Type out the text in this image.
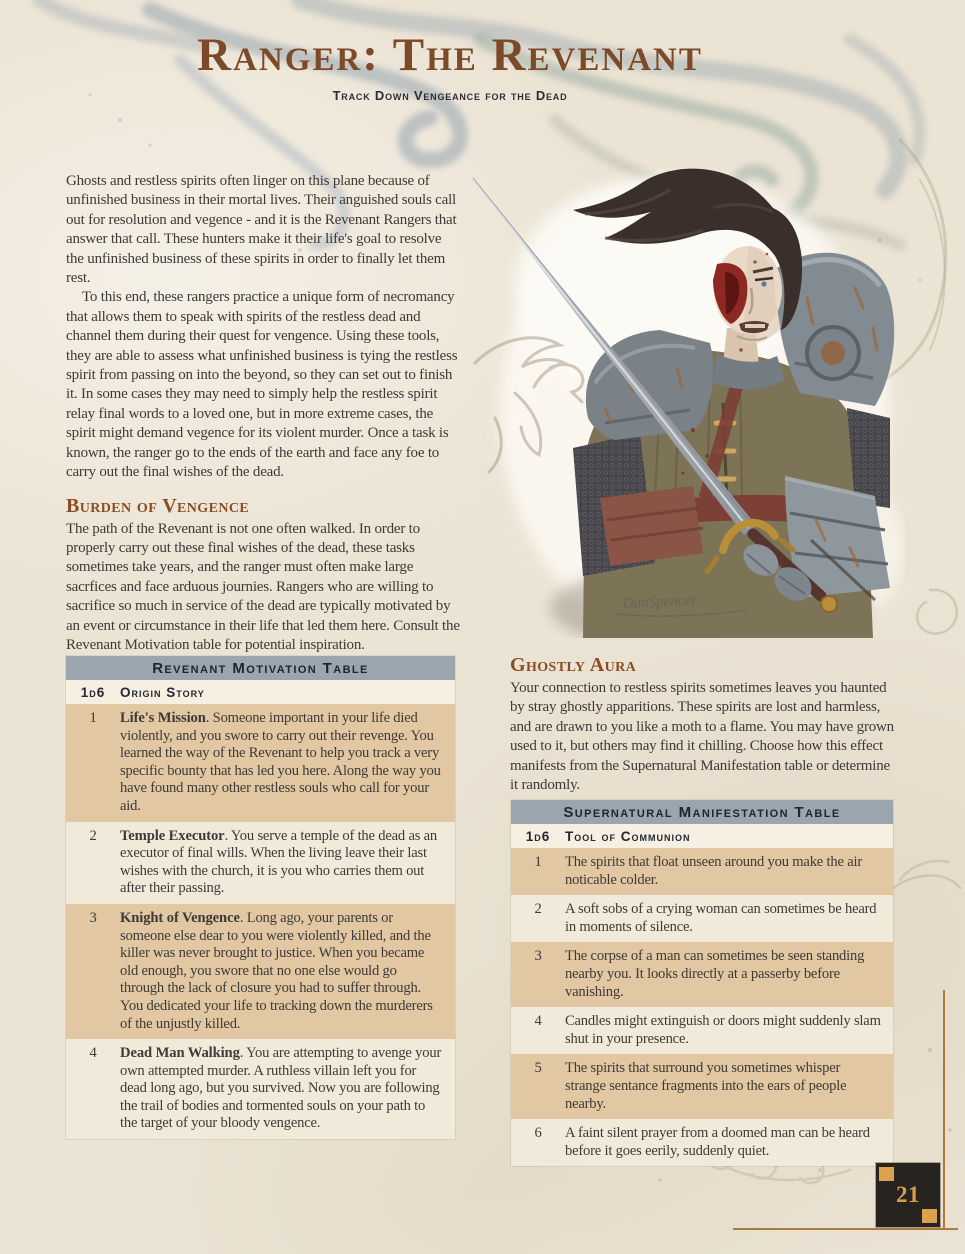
Ranger: The Revenant
Track Down Vengeance for the Dead
DanSpencer

Ghosts and restless spirits often linger on this plane because of unfinished business in their mortal lives. Their anguished souls call out for resolution and vegence - and it is the Revenant Rangers that answer that call. These hunters make it their life's goal to resolve the unfinished business of these spirits in order to finally let them rest.

To this end, these rangers practice a unique form of necromancy that allows them to speak with spirits of the restless dead and channel them during their quest for vengence. Using these tools, they are able to assess what unfinished business is tying the restless spirit from passing on into the beyond, so they can set out to finish it. In some cases they may need to simply help the restless spirit relay final words to a loved one, but in more extreme cases, the spirit might demand vegence for its violent murder. Once a task is known, the ranger go to the ends of the earth and face any foe to carry out the final wishes of the dead.

Burden of Vengence

The path of the Revenant is not one often walked. In order to properly carry out these final wishes of the dead, these tasks sometimes take years, and the ranger must often make large sacrfices and face arduous journies. Rangers who are willing to sacrifice so much in service of the dead are typically motivated by an event or circumstance in their life that led them here. Consult the Revenant Motivation table for potential inspiration.

Revenant Motivation Table
1d6	Origin Story
1	Life's Mission. Someone important in your life died violently, and you swore to carry out their revenge. You learned the way of the Revenant to help you track a very specific bounty that has led you here. Along the way you have found many other restless souls who call for your aid.
2	Temple Executor. You serve a temple of the dead as an executor of final wills. When the living leave their last wishes with the church, it is you who carries them out after their passing.
3	Knight of Vengence. Long ago, your parents or someone else dear to you were violently killed, and the killer was never brought to justice. When you became old enough, you swore that no one else would go through the lack of closure you had to suffer through. You dedicated your life to tracking down the murderers of the unjustly killed.
4	Dead Man Walking. You are attempting to avenge your own attempted murder. A ruthless villain left you for dead long ago, but you survived. Now you are following the trail of bodies and tormented souls on your path to the target of your bloody vengence.
Ghostly Aura

Your connection to restless spirits sometimes leaves you haunted by stray ghostly apparitions. These spirits are lost and harmless, and are drawn to you like a moth to a flame. You may have grown used to it, but others may find it chilling. Choose how this effect manifests from the Supernatural Manifestation table or determine it randomly.

Supernatural Manifestation Table
1d6	Tool of Communion
1	The spirits that float unseen around you make the air noticable colder.
2	A soft sobs of a crying woman can sometimes be heard in moments of silence.
3	The corpse of a man can sometimes be seen standing nearby you. It looks directly at a passerby before vanishing.
4	Candles might extinguish or doors might suddenly slam shut in your presence.
5	The spirits that surround you sometimes whisper strange sentance fragments into the ears of people nearby.
6	A faint silent prayer from a doomed man can be heard before it goes eerily, suddenly quiet.
21
